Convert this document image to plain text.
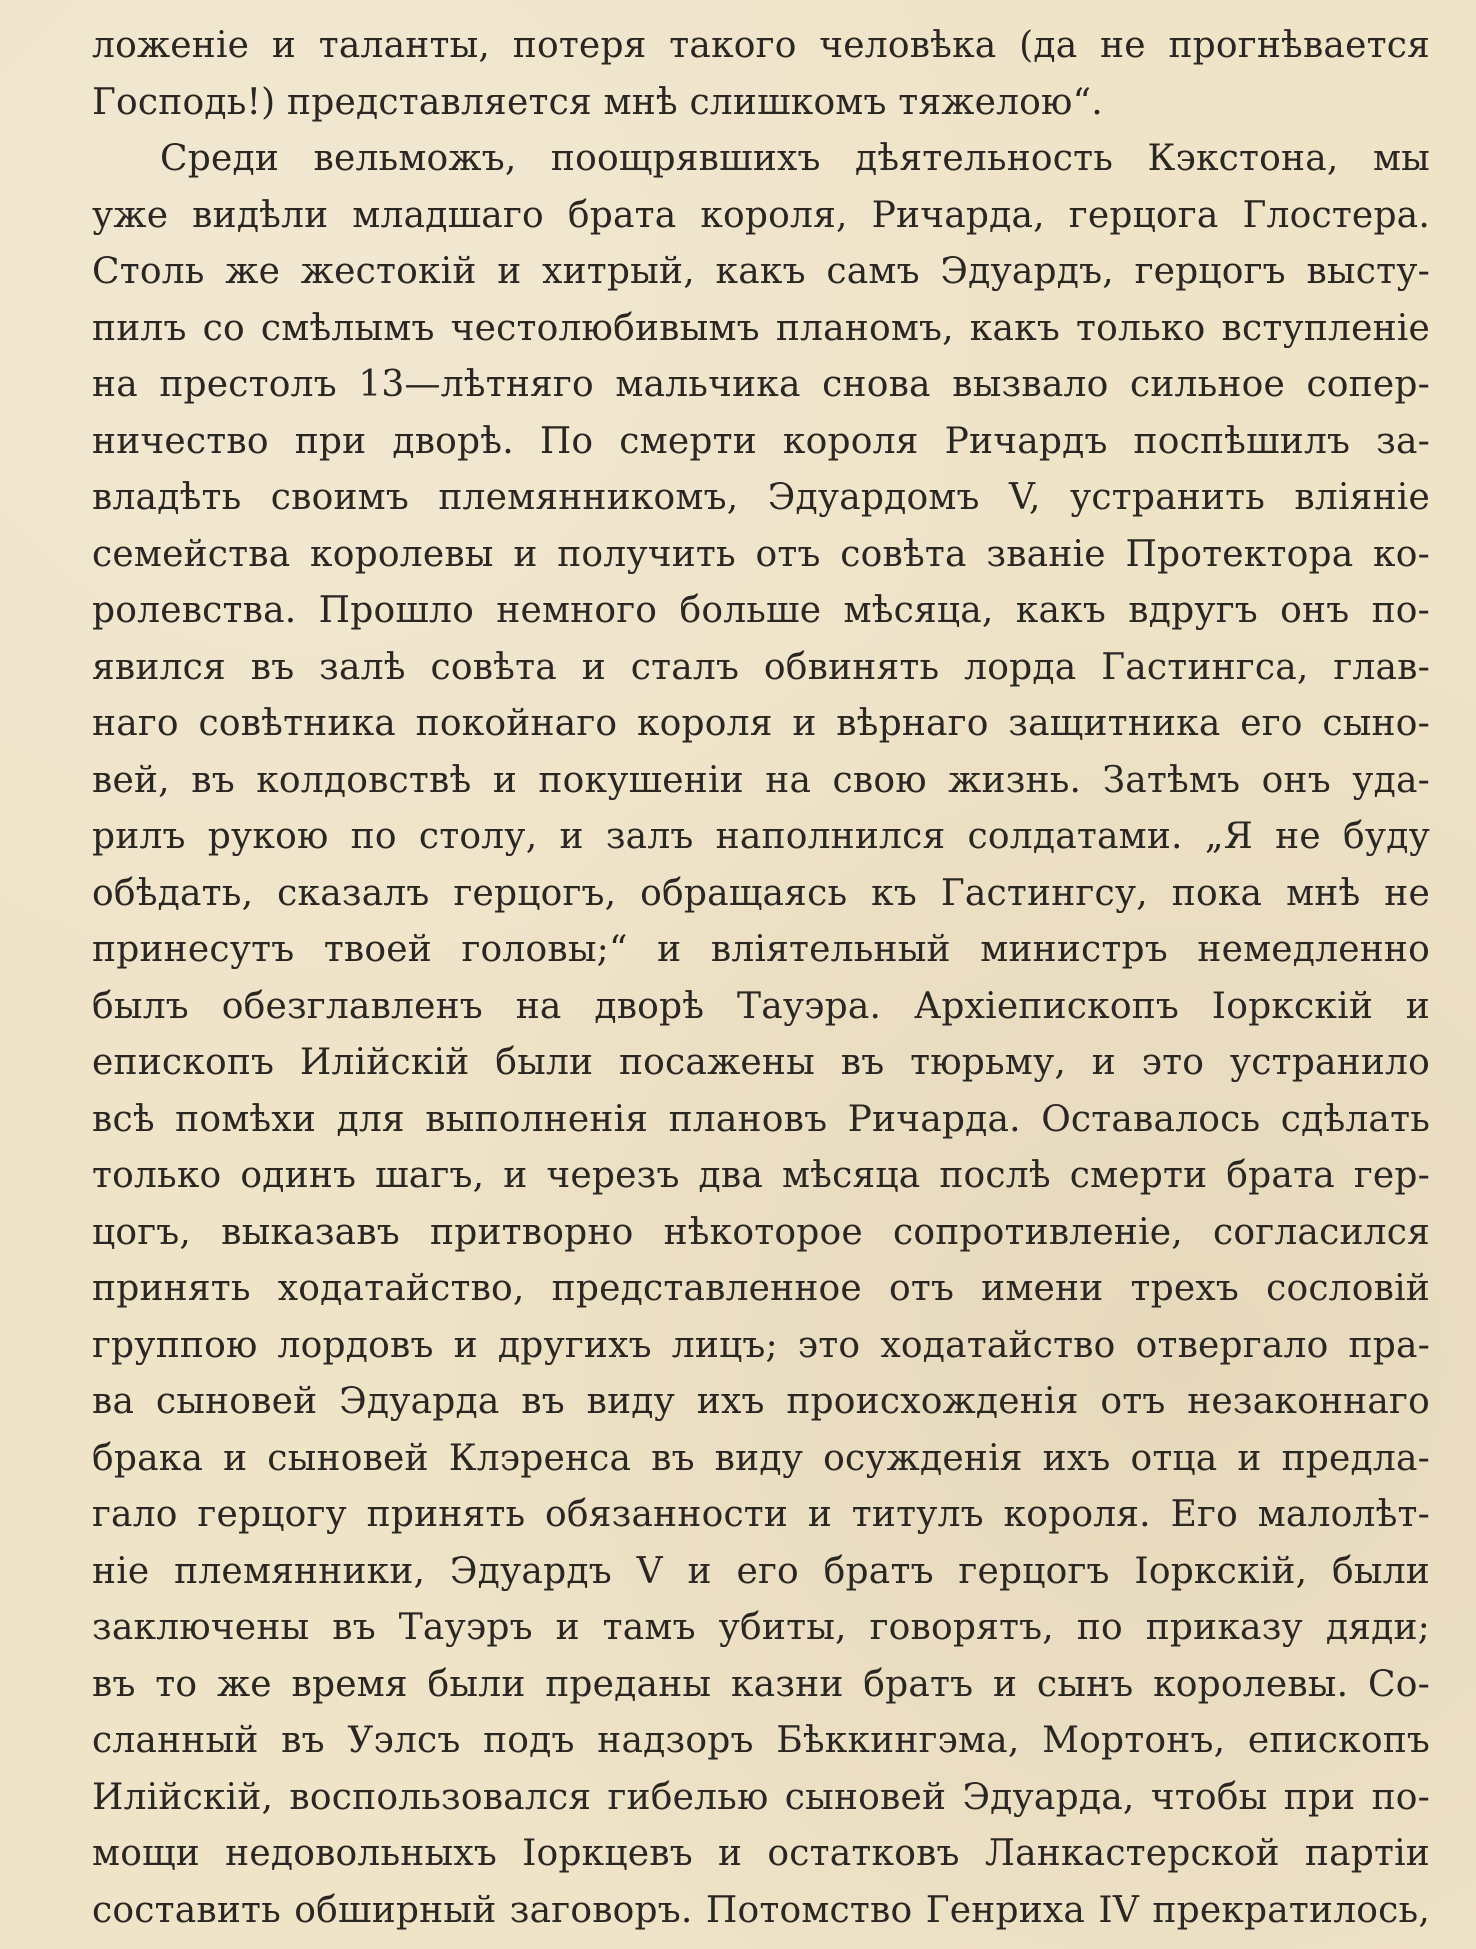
ложеніе и таланты, потеря такого человѣка (да не прогнѣвается
Господь!) представляется мнѣ слишкомъ тяжелою“.
Среди вельможъ, поощрявшихъ дѣятельность Кэкстона, мы
уже видѣли младшаго брата короля, Ричарда, герцога Глостера.
Столь же жестокій и хитрый, какъ самъ Эдуардъ, герцогъ высту-
пилъ со смѣлымъ честолюбивымъ планомъ, какъ только вступленіе
на престолъ 13—лѣтняго мальчика снова вызвало сильное сопер-
ничество при дворѣ. По смерти короля Ричардъ поспѣшилъ за-
владѣть своимъ племянникомъ, Эдуардомъ V, устранить вліяніе
семейства королевы и получить отъ совѣта званіе Протектора ко-
ролевства. Прошло немного больше мѣсяца, какъ вдругъ онъ по-
явился въ залѣ совѣта и сталъ обвинять лорда Гастингса, глав-
наго совѣтника покойнаго короля и вѣрнаго защитника его сыно-
вей, въ колдовствѣ и покушеніи на свою жизнь. Затѣмъ онъ уда-
рилъ рукою по столу, и залъ наполнился солдатами. „Я не буду
обѣдать, сказалъ герцогъ, обращаясь къ Гастингсу, пока мнѣ не
принесутъ твоей головы;“ и вліятельный министръ немедленно
былъ обезглавленъ на дворѣ Тауэра. Архіепископъ Іоркскій и
епископъ Илійскій были посажены въ тюрьму, и это устранило
всѣ помѣхи для выполненія плановъ Ричарда. Оставалось сдѣлать
только одинъ шагъ, и черезъ два мѣсяца послѣ смерти брата гер-
цогъ, выказавъ притворно нѣкоторое сопротивленіе, согласился
принять ходатайство, представленное отъ имени трехъ сословій
группою лордовъ и другихъ лицъ; это ходатайство отвергало пра-
ва сыновей Эдуарда въ виду ихъ происхожденія отъ незаконнаго
брака и сыновей Клэренса въ виду осужденія ихъ отца и предла-
гало герцогу принять обязанности и титулъ короля. Его малолѣт-
ніе племянники, Эдуардъ V и его братъ герцогъ Іоркскій, были
заключены въ Тауэръ и тамъ убиты, говорятъ, по приказу дяди;
въ то же время были преданы казни братъ и сынъ королевы. Со-
сланный въ Уэлсъ подъ надзоръ Бѣккингэма, Мортонъ, епископъ
Илійскій, воспользовался гибелью сыновей Эдуарда, чтобы при по-
мощи недовольныхъ Іоркцевъ и остатковъ Ланкастерской партіи
составить обширный заговоръ. Потомство Генриха IV прекратилось,
